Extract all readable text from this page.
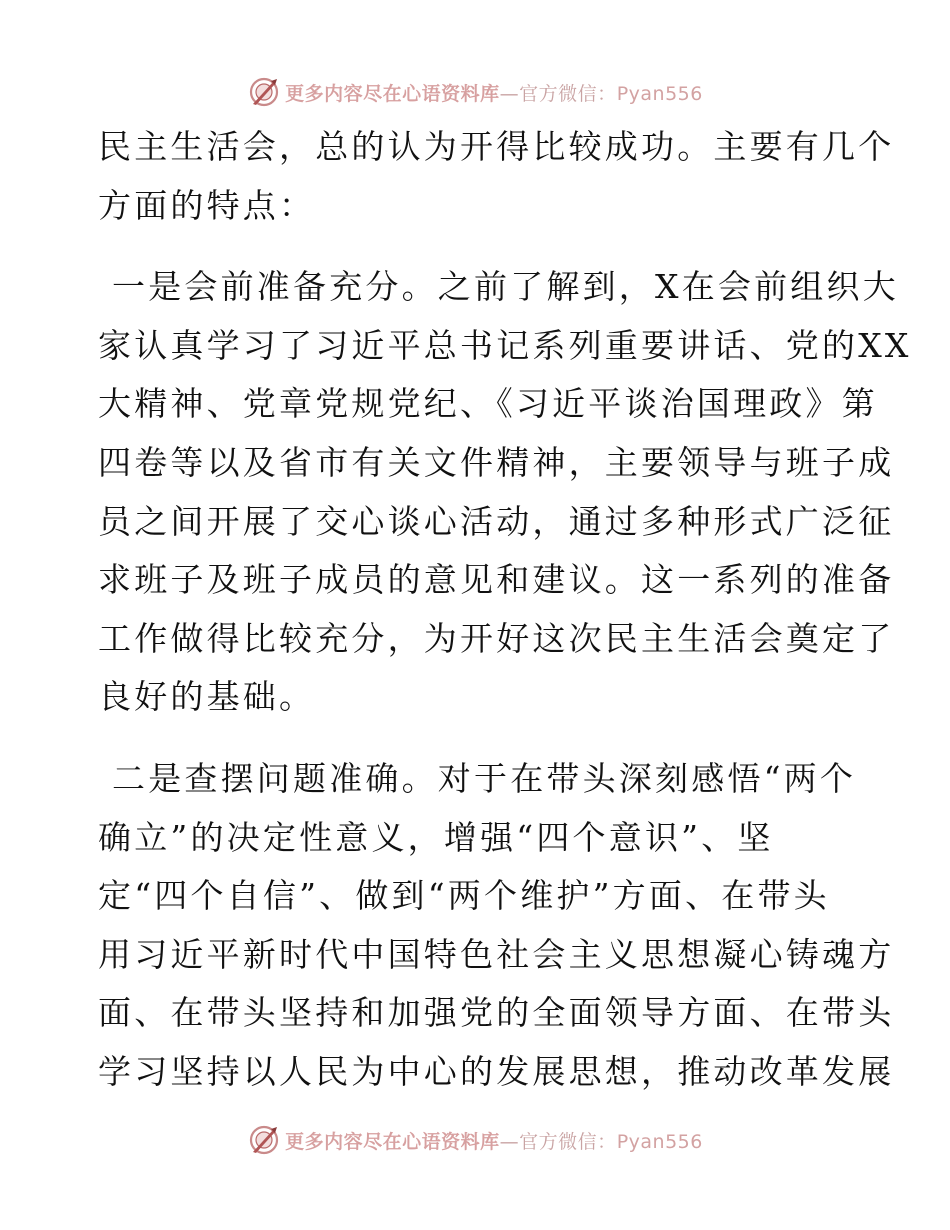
更多内容尽在心语资料库—官方微信：Pyan556

民主生活会，总的认为开得比较成功。主要有几个
方面的特点：

一是会前准备充分。之前了解到，X在会前组织大
家认真学习了习近平总书记系列重要讲话、党的XX
大精神、党章党规党纪、《习近平谈治国理政》第
四卷等以及省市有关文件精神，主要领导与班子成
员之间开展了交心谈心活动，通过多种形式广泛征
求班子及班子成员的意见和建议。这一系列的准备
工作做得比较充分，为开好这次民主生活会奠定了
良好的基础。

二是查摆问题准确。对于在带头深刻感悟“两个
确立”的决定性意义，增强“四个意识”、坚
定“四个自信”、做到“两个维护”方面、在带头
用习近平新时代中国特色社会主义思想凝心铸魂方
面、在带头坚持和加强党的全面领导方面、在带头
学习坚持以人民为中心的发展思想，推动改革发展

更多内容尽在心语资料库—官方微信：Pyan556
